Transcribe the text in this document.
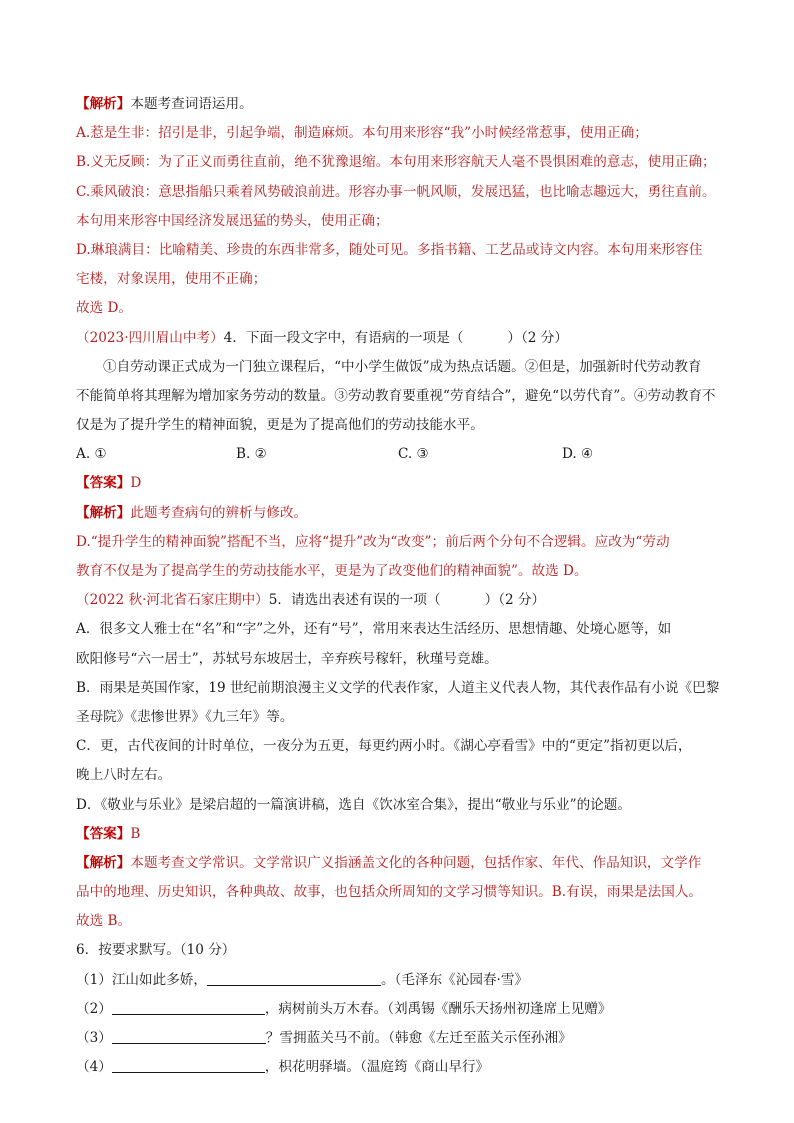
【解析】本题考查词语运用。
A.惹是生非：招引是非，引起争端，制造麻烦。本句用来形容“我”小时候经常惹事，使用正确；
B.义无反顾：为了正义而勇往直前，绝不犹豫退缩。本句用来形容航天人毫不畏惧困难的意志，使用正确；
C.乘风破浪：意思指船只乘着风势破浪前进。形容办事一帆风顺，发展迅猛，也比喻志趣远大，勇往直前。
本句用来形容中国经济发展迅猛的势头，使用正确；
D.琳琅满目：比喻精美、珍贵的东西非常多，随处可见。多指书籍、工艺品或诗文内容。本句用来形容住
宅楼，对象误用，使用不正确；
故选 D。
（2023·四川眉山中考）4．下面一段文字中，有语病的一项是（	）（2 分）
①自劳动课正式成为一门独立课程后，“中小学生做饭”成为热点话题。②但是，加强新时代劳动教育
不能简单将其理解为增加家务劳动的数量。③劳动教育要重视“劳育结合”，避免“以劳代育”。④劳动教育不
仅是为了提升学生的精神面貌，更是为了提高他们的劳动技能水平。
A. ①	B. ②	C. ③	D. ④
【答案】D
【解析】此题考查病句的辨析与修改。
D.“提升学生的精神面貌”搭配不当，应将“提升”改为“改变”；前后两个分句不合逻辑。应改为“劳动
教育不仅是为了提高学生的劳动技能水平，更是为了改变他们的精神面貌”。故选 D。
（2022 秋·河北省石家庄期中）5．请选出表述有误的一项（	）（2 分）
A．很多文人雅士在“名”和“字”之外，还有“号”，常用来表达生活经历、思想情趣、处境心愿等，如
欧阳修号“六一居士”，苏轼号东坡居士，辛弃疾号稼轩，秋瑾号竞雄。
B．雨果是英国作家，19 世纪前期浪漫主义文学的代表作家，人道主义代表人物，其代表作品有小说《巴黎
圣母院》《悲惨世界》《九三年》等。
C．更，古代夜间的计时单位，一夜分为五更，每更约两小时。《湖心亭看雪》中的“更定”指初更以后，
晚上八时左右。
D．《敬业与乐业》是梁启超的一篇演讲稿，选自《饮冰室合集》，提出“敬业与乐业”的论题。
【答案】B
【解析】本题考查文学常识。文学常识广义指涵盖文化的各种问题，包括作家、年代、作品知识，文学作
品中的地理、历史知识，各种典故、故事，也包括众所周知的文学习惯等知识。B.有误，雨果是法国人。
故选 B。
6．按要求默写。（10 分）
（1）江山如此多娇，	。（毛泽东《沁园春·雪》
（2）	，病树前头万木春。（刘禹锡《酬乐天扬州初逢席上见赠》
（3）	？雪拥蓝关马不前。（韩愈《左迁至蓝关示侄孙湘》
（4）	，枳花明驿墙。（温庭筠《商山早行》
